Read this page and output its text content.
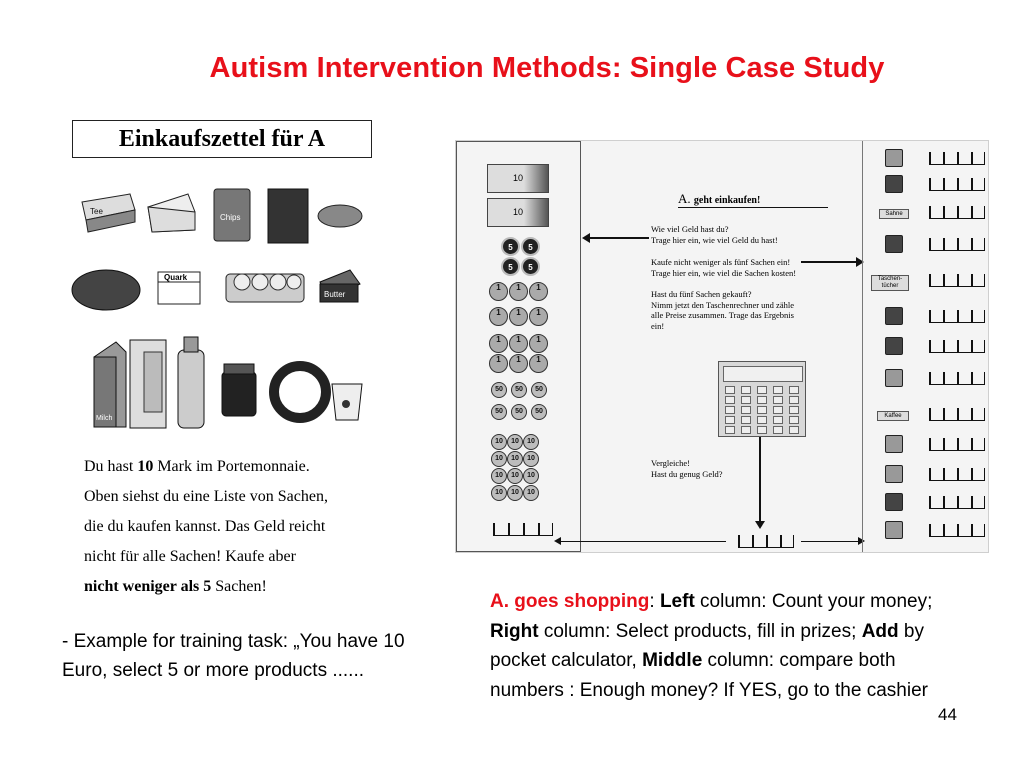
Autism Intervention Methods: Single Case Study
Einkaufszettel für A
Tee
Chips
Quark
Butter
Milch
Du hast 10 Mark im Portemonnaie.
Oben siehst du eine Liste von Sachen,
die du kaufen kannst. Das Geld reicht
nicht für alle Sachen! Kaufe aber
nicht weniger als 5 Sachen!
10
10
5	5
5	5
1	1	1
1	1	1
1	1	1
1	1	1
50	50	50
50	50	50
10	10	10
10	10	10
10	10	10
10	10	10
A. geht einkaufen!
Wie viel Geld hast du?
Trage hier ein, wie viel Geld du hast!
Kaufe nicht weniger als fünf Sachen ein!
Trage hier ein, wie viel die Sachen kosten!
Hast du fünf Sachen gekauft?
Nimm jetzt den Taschenrechner und zähle
alle Preise zusammen. Trage das Ergebnis
ein!
Vergleiche!
Hast du genug Geld?
Sahne
Taschen-
tücher
Kaffee
- Example for training task: „You have 10 Euro, select 5 or more products ......
A. goes shopping: Left column: Count your money; Right column: Select products, fill in prizes; Add by pocket calculator, Middle column: compare both numbers : Enough money? If YES, go to the cashier
44
